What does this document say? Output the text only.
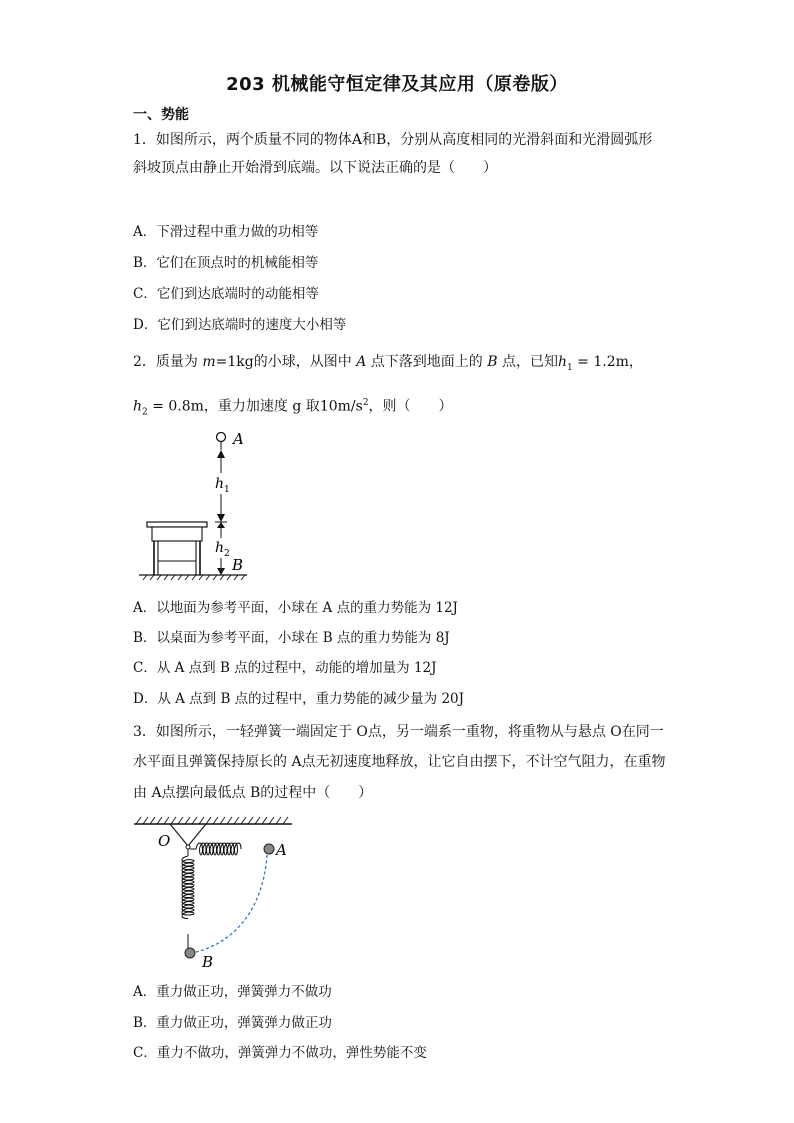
203 机械能守恒定律及其应用（原卷版）
一、势能
1．如图所示，两个质量不同的物体A和B，分别从高度相同的光滑斜面和光滑圆弧形
斜坡顶点由静止开始滑到底端。以下说法正确的是（　　）
A．下滑过程中重力做的功相等
B．它们在顶点时的机械能相等
C．它们到达底端时的动能相等
D．它们到达底端时的速度大小相等
2．质量为 m=1kg的小球，从图中 A 点下落到地面上的 B 点，已知$h_1 = 1.2m$，
$h_2 = 0.8m$，重力加速度 g 取$10m/s^2$，则（　　）
A
h 1
h 2
B
A．以地面为参考平面，小球在 A 点的重力势能为 12J
B．以桌面为参考平面，小球在 B 点的重力势能为 8J
C．从 A 点到 B 点的过程中，动能的增加量为 12J
D．从 A 点到 B 点的过程中，重力势能的减少量为 20J
3．如图所示，一轻弹簧一端固定于 O点，另一端系一重物，将重物从与悬点 O在同一
水平面且弹簧保持原长的 A点无初速度地释放，让它自由摆下，不计空气阻力，在重物
由 A点摆向最低点 B的过程中（　　）
O	A
B
A．重力做正功，弹簧弹力不做功
B．重力做正功，弹簧弹力做正功
C．重力不做功，弹簧弹力不做功，弹性势能不变
